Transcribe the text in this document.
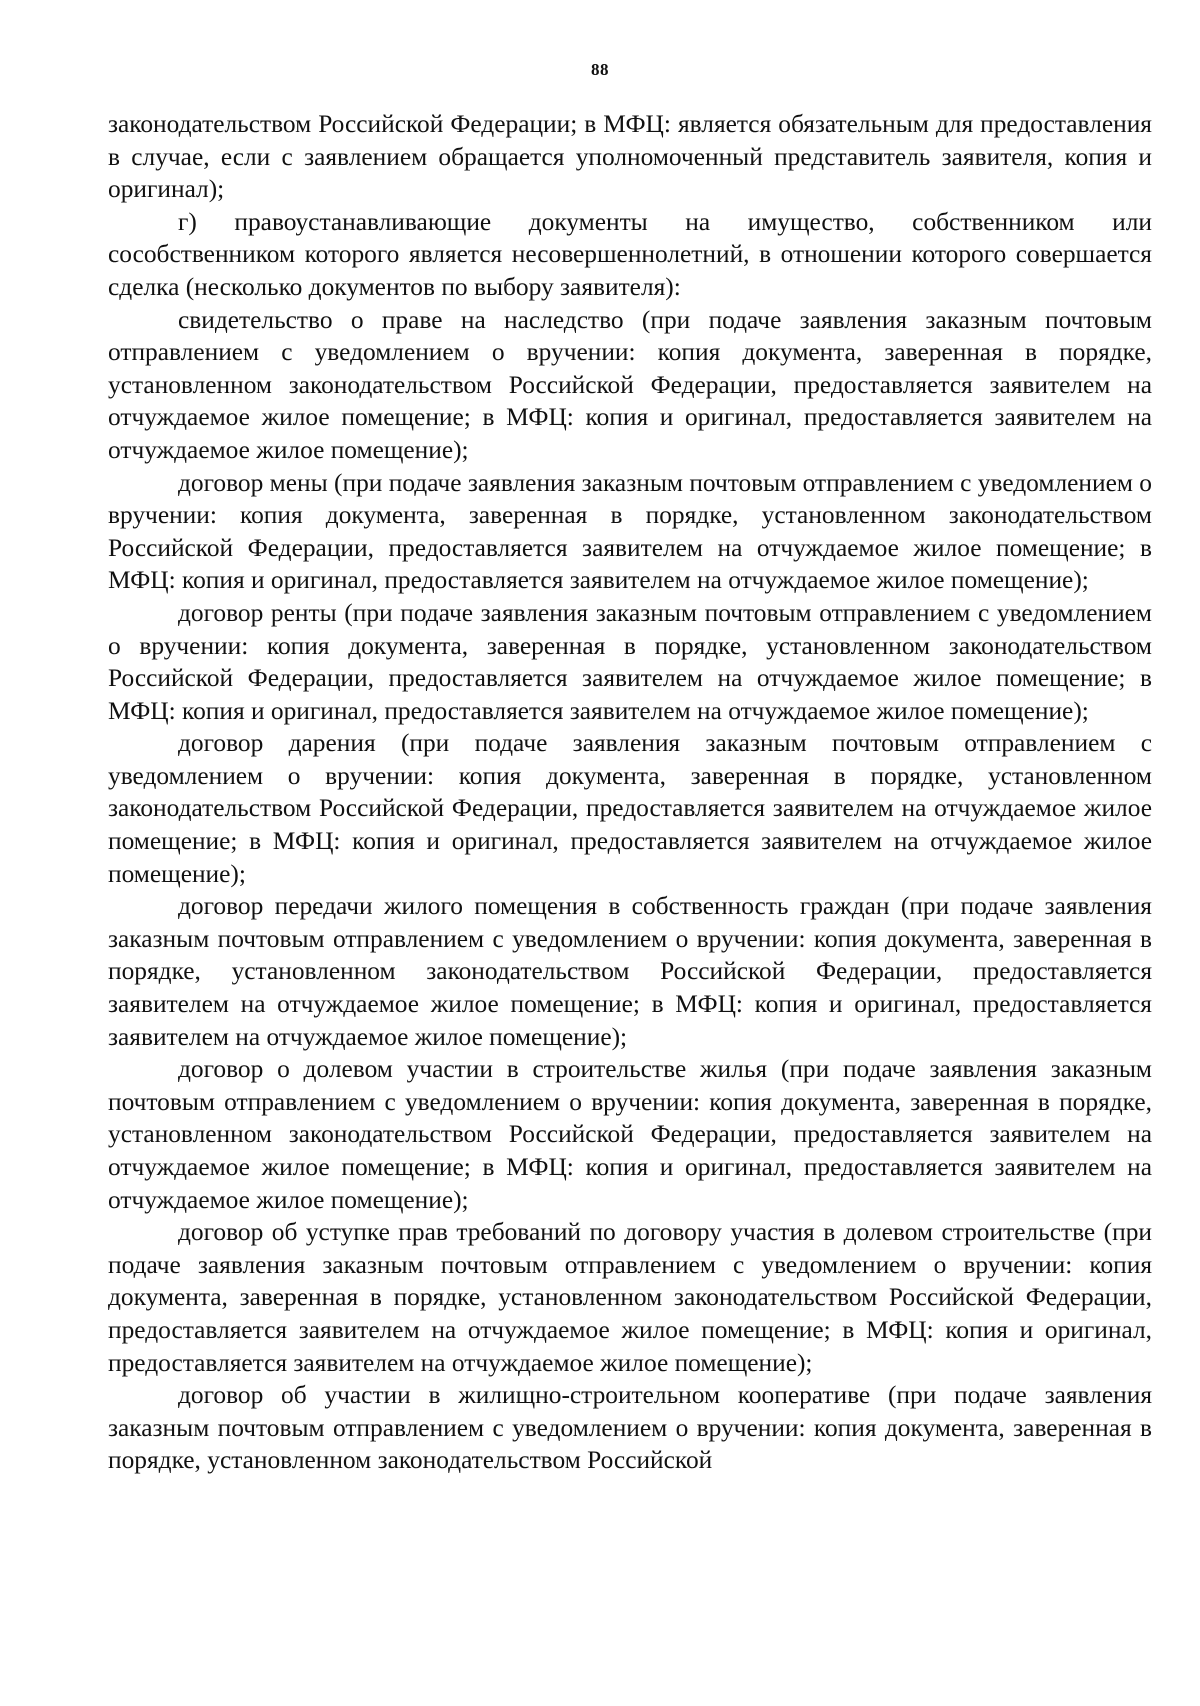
88

законодательством Российской Федерации; в МФЦ: является обязательным для предоставления в случае, если с заявлением обращается уполномоченный представитель заявителя, копия и оригинал);

г) правоустанавливающие документы на имущество, собственником или сособственником которого является несовершеннолетний, в отношении которого совершается сделка (несколько документов по выбору заявителя):

свидетельство о праве на наследство (при подаче заявления заказным почтовым отправлением с уведомлением о вручении: копия документа, заверенная в порядке, установленном законодательством Российской Федерации, предоставляется заявителем на отчуждаемое жилое помещение; в МФЦ: копия и оригинал, предоставляется заявителем на отчуждаемое жилое помещение);

договор мены (при подаче заявления заказным почтовым отправлением с уведомлением о вручении: копия документа, заверенная в порядке, установленном законодательством Российской Федерации, предоставляется заявителем на отчуждаемое жилое помещение; в МФЦ: копия и оригинал, предоставляется заявителем на отчуждаемое жилое помещение);

договор ренты (при подаче заявления заказным почтовым отправлением с уведомлением о вручении: копия документа, заверенная в порядке, установленном законодательством Российской Федерации, предоставляется заявителем на отчуждаемое жилое помещение; в МФЦ: копия и оригинал, предоставляется заявителем на отчуждаемое жилое помещение);

договор дарения (при подаче заявления заказным почтовым отправлением с уведомлением о вручении: копия документа, заверенная в порядке, установленном законодательством Российской Федерации, предоставляется заявителем на отчуждаемое жилое помещение; в МФЦ: копия и оригинал, предоставляется заявителем на отчуждаемое жилое помещение);

договор передачи жилого помещения в собственность граждан (при подаче заявления заказным почтовым отправлением с уведомлением о вручении: копия документа, заверенная в порядке, установленном законодательством Российской Федерации, предоставляется заявителем на отчуждаемое жилое помещение; в МФЦ: копия и оригинал, предоставляется заявителем на отчуждаемое жилое помещение);

договор о долевом участии в строительстве жилья (при подаче заявления заказным почтовым отправлением с уведомлением о вручении: копия документа, заверенная в порядке, установленном законодательством Российской Федерации, предоставляется заявителем на отчуждаемое жилое помещение; в МФЦ: копия и оригинал, предоставляется заявителем на отчуждаемое жилое помещение);

договор об уступке прав требований по договору участия в долевом строительстве (при подаче заявления заказным почтовым отправлением с уведомлением о вручении: копия документа, заверенная в порядке, установленном законодательством Российской Федерации, предоставляется заявителем на отчуждаемое жилое помещение; в МФЦ: копия и оригинал, предоставляется заявителем на отчуждаемое жилое помещение);

договор об участии в жилищно-строительном кооперативе (при подаче заявления заказным почтовым отправлением с уведомлением о вручении: копия документа, заверенная в порядке, установленном законодательством Российской
